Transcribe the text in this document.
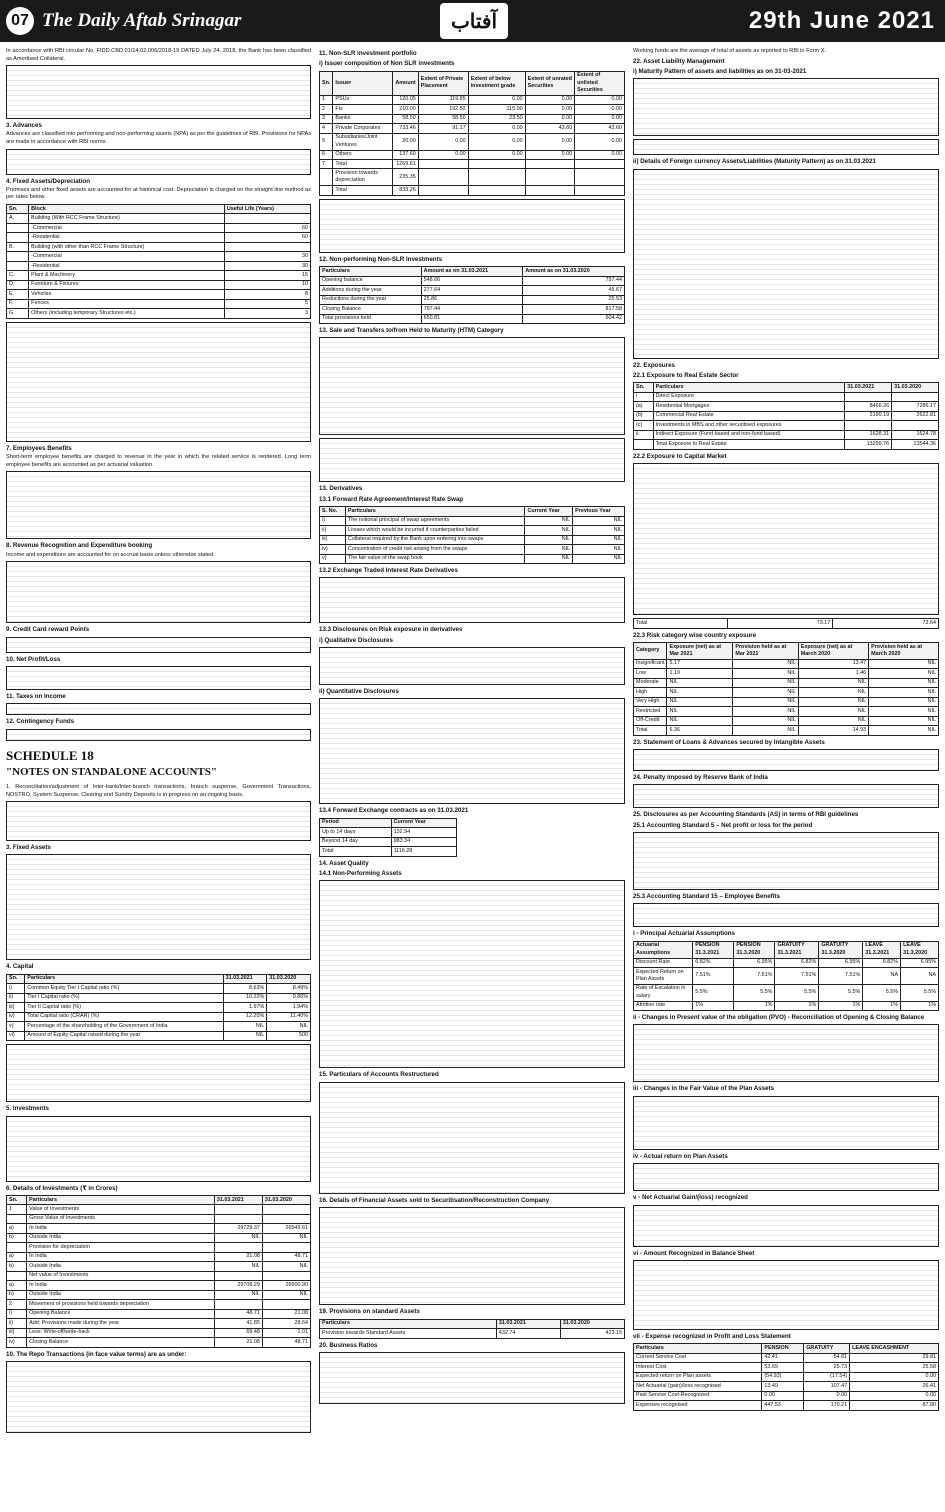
07 The Daily Aftab Srinagar	آفتاب	29th June 2021

In accordance with RBI circular No. FIDD.CBD.01/14.02.006/2018-19 DATED July 24, 2018, the Bank has been classified as Amortised Collateral.

3. Advances

Advances are classified into performing and non-performing assets (NPA) as per the guidelines of RBI. Provisions for NPAs are made in accordance with RBI norms.

4. Fixed Assets/Depreciation

Premises and other fixed assets are accounted for at historical cost. Depreciation is charged on the straight line method as per rates below.

Sn.	Block	Useful Life (Years)
A.	Building (With RCC Frame Structure)	
	-Commercial	60
	-Residential	60
B.	Building (with other than RCC Frame Structure)	
	-Commercial	30
	-Residential	30
C.	Plant & Machinery	15
D.	Furniture & Fixtures	10
E.	Vehicles	8
F.	Fences	5
G.	Others (including temporary Structures etc.)	3
7. Employees Benefits

Short-term employee benefits are charged to revenue in the year in which the related service is rendered. Long term employee benefits are accounted as per actuarial valuation.

8. Revenue Recognition and Expenditure booking

Income and expenditure are accounted for on accrual basis unless otherwise stated.

9. Credit Card reward Points
10. Net Profit/Loss
11. Taxes on Income
12. Contingency Funds
SCHEDULE 18
"NOTES ON STANDALONE ACCOUNTS"

1. Reconciliation/adjustment of Inter-bank/Inter-branch transactions, branch suspense, Government Transactions, NOSTRO, System Suspense, Clearing and Sundry Deposits is in progress on an ongoing basis.

3. Fixed Assets
4. Capital
Sn.	Particulars	31.03.2021	31.03.2020
i)	Common Equity Tier I Capital ratio (%)	8.63%	8.49%
ii)	Tier I Capital ratio (%)	10.22%	9.86%
iii)	Tier II Capital ratio (%)	1.97%	1.94%
iv)	Total Capital ratio (CRAR) (%)	12.20%	11.40%
v)	Percentage of the shareholding of the Government of India	NIL	NIL
vi)	Amount of Equity Capital raised during the year	NIL	500
5. Investments
6. Details of Investments (₹ in Crores)
Sn.	Particulars	31.03.2021	31.03.2020
1	Value of Investments		
	Gross Value of Investments		
a)	In India	29729.37	26549.61
b)	Outside India	NIL	NIL
	Provision for depreciation		
a)	In India	21.08	48.71
b)	Outside India	NIL	NIL
	Net value of Investments		
a)	In India	29708.29	26500.90
b)	Outside India	NIL	NIL
2	Movement of provisions held towards depreciation		
i)	Opening Balance	48.71	21.08
ii)	Add: Provisions made during the year	41.85	28.64
iii)	Less: Write-off/write-back	69.48	1.01
iv)	Closing Balance	21.08	48.71
10. The Repo Transactions (in face value terms) are as under:
11. Non-SLR investment portfolio
i) Issuer composition of Non SLR investments
Sn.	Issuer	Amount	Extent of Private Placement	Extent of below investment grade	Extent of unrated Securities	Extent of unlisted Securities
1	PSUs	120.05	119.85	0.00	0.00	0.00
2	FIs	210.00	192.52	115.00	0.00	0.00
3	Banks	58.50	58.50	23.50	0.00	0.00
4	Private Corporates	733.46	91.17	0.00	43.60	43.60
5	Subsidiaries/Joint Ventures	20.00	0.00	0.00	0.00	0.00
6	Others	137.60	0.00	0.00	0.00	0.00
7	Total	1269.61				
	Provision towards depreciation	235.35				
	Total	833.26				
12. Non-performing Non-SLR Investments
Particulars	Amount as on 31.03.2021	Amount as on 31.03.2020
Opening balance	548.66	797.44
Additions during the year	277.64	45.67
Reductions during the year	25.86	25.53
Closing Balance	797.44	817.58
Total provisions held	650.81	604.42
13. Sale and Transfers to/from Held to Maturity (HTM) Category
13. Derivatives
13.1 Forward Rate Agreement/Interest Rate Swap
S. No.	Particulars	Current Year	Previous Year
i)	The notional principal of swap agreements	NIL	NIL
ii)	Losses which would be incurred if counterparties failed	NIL	NIL
iii)	Collateral required by the Bank upon entering into swaps	NIL	NIL
iv)	Concentration of credit risk arising from the swaps	NIL	NIL
v)	The fair value of the swap book	NIL	NIL
13.2 Exchange Traded Interest Rate Derivatives
13.3 Disclosures on Risk exposure in derivatives
i) Qualitative Disclosures
ii) Quantitative Disclosures
13.4 Forward Exchange contracts as on 31.03.2021
Period	Current Year
Up to 14 days	132.94
Beyond 14 day	983.34
Total	1116.28
14. Asset Quality
14.1 Non-Performing Assets
15. Particulars of Accounts Restructured
16. Details of Financial Assets sold to Securitisation/Reconstruction Company
19. Provisions on standard Assets
Particulars	31.03.2021	31.03.2020
Provision towards Standard Assets	432.74	423.15
20. Business Ratios

Working funds are the average of total of assets as reported to RBI in Form X.

22. Asset Liability Management
i) Maturity Pattern of assets and liabilities as on 31-03-2021
ii) Details of Foreign currency Assets/Liabilities (Maturity Pattern) as on 31.03.2021
22. Exposures
22.1 Exposure to Real Estate Sector
Sn.	Particulars	31.03.2021	31.03.2020
i	Direct Exposure		
(a)	Residential Mortgages	8466.26	7286.17
(b)	Commercial Real Estate	2190.19	2622.81
(c)	Investments in MBS and other securitised exposures		
ii	Indirect Exposure (Fund based and non-fund based)	1628.31	1624.78
	Total Exposure to Real Estate	13299.76	13544.36
22.2 Exposure to Capital Market
Total	73.17	73.64
22.3 Risk category wise country exposure
Category	Exposure (net) as at Mar 2021	Provision held as at Mar 2021	Exposure (net) as at March 2020	Provision held as at March 2020
Insignificant	5.17	NIL	13.47	NIL
Low	1.19	NIL	1.46	NIL
Moderate	NIL	NIL	NIL	NIL
High	NIL	NIL	NIL	NIL
Very High	NIL	NIL	NIL	NIL
Restricted	NIL	NIL	NIL	NIL
Off-Credit	NIL	NIL	NIL	NIL
Total	6.36	NIL	14.93	NIL
23. Statement of Loans & Advances secured by Intangible Assets
24. Penalty imposed by Reserve Bank of India
25. Disclosures as per Accounting Standards (AS) in terms of RBI guidelines
25.1 Accounting Standard 5 – Net profit or loss for the period
25.3 Accounting Standard 15 – Employee Benefits
i - Principal Actuarial Assumptions
Actuarial Assumptions	PENSION 31.3.2021	PENSION 31.3.2020	GRATUITY 31.3.2021	GRATUITY 31.3.2020	LEAVE 31.3.2021	LEAVE 31.3.2020
Discount Rate	6.82%	6.95%	6.82%	6.95%	6.82%	6.95%
Expected Return on Plan Assets	7.51%	7.51%	7.51%	7.51%	NA	NA
Rate of Escalation in salary	5.5%	5.5%	5.5%	5.5%	5.5%	5.5%
Attrition rate	1%	1%	1%	1%	1%	1%
ii - Changes in Present value of the obligation (PVO) - Reconciliation of Opening & Closing Balance
iii - Changes in the Fair Value of the Plan Assets
iv - Actual return on Plan Assets
v - Net Actuarial Gain/(loss) recognized
vi - Amount Recognized in Balance Sheet
vii - Expense recognized in Profit and Loss Statement
Particulars	PENSION	GRATUITY	LEAVE ENCASHMENT
Current Service Cost	42.41	54.61	29.81
Interest Cost	53.69	25.73	25.58
Expected return on Plan assets	(54.93)	(17.54)	0.00
Net Actuarial (gain)/loss recognised	13.49	107.47	26.41
Past Service Cost-Recognized	0.00	0.00	0.00
Expenses recognised	447.53	170.21	87.80
